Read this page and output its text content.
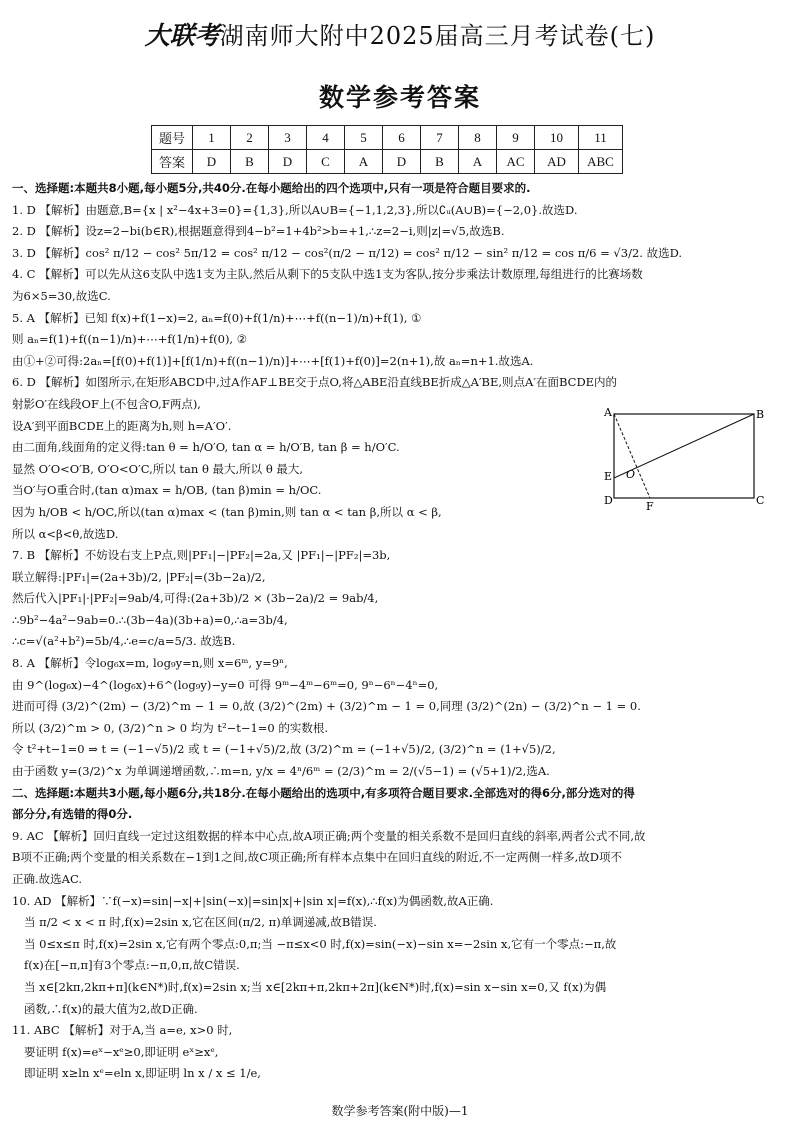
大联考湖南师大附中2025届高三月考试卷(七)
数学参考答案
题号	1	2	3	4	5	6	7	8	9	10	11
答案	D	B	D	C	A	D	B	A	AC	AD	ABC

一、选择题:本题共8小题,每小题5分,共40分.在每小题给出的四个选项中,只有一项是符合题目要求的.

1. D 【解析】由题意,B={x | x²−4x+3=0}={1,3},所以A∪B={−1,1,2,3},所以∁ᵤ(A∪B)={−2,0}.故选D.

2. D 【解析】设z=2−bi(b∈R),根据题意得到4−b²=1+4b²>b=+1,∴z=2−i,则|z|=√5,故选B.

3. D 【解析】cos² π/12 − cos² 5π/12 = cos² π/12 − cos²(π/2 − π/12) = cos² π/12 − sin² π/12 = cos π/6 = √3/2. 故选D.

4. C 【解析】可以先从这6支队中选1支为主队,然后从剩下的5支队中选1支为客队,按分步乘法计数原理,每组进行的比赛场数

为6×5=30,故选C.

5. A 【解析】已知 f(x)+f(1−x)=2, aₙ=f(0)+f(1/n)+⋯+f((n−1)/n)+f(1), ①

则 aₙ=f(1)+f((n−1)/n)+⋯+f(1/n)+f(0), ②

由①+②可得:2aₙ=[f(0)+f(1)]+[f(1/n)+f((n−1)/n)]+⋯+[f(1)+f(0)]=2(n+1),故 aₙ=n+1.故选A.

6. D 【解析】如图所示,在矩形ABCD中,过A作AF⊥BE交于点O,将△ABE沿直线BE折成△A′BE,则点A′在面BCDE内的

射影O′在线段OF上(不包含O,F两点),

设A′到平面BCDE上的距离为h,则 h=A′O′.

由二面角,线面角的定义得:tan θ = h/O′O, tan α = h/O′B, tan β = h/O′C.

显然 O′O<O′B, O′O<O′C,所以 tan θ 最大,所以 θ 最大,

当O′与O重合时,(tan α)max = h/OB, (tan β)min = h/OC.

因为 h/OB < h/OC,所以(tan α)max < (tan β)min,则 tan α < tan β,所以 α < β,

所以 α<β<θ,故选D.

7. B 【解析】不妨设右支上P点,则|PF₁|−|PF₂|=2a,又 |PF₁|−|PF₂|=3b,

联立解得:|PF₁|=(2a+3b)/2, |PF₂|=(3b−2a)/2,

然后代入|PF₁|·|PF₂|=9ab/4,可得:(2a+3b)/2 × (3b−2a)/2 = 9ab/4,

∴9b²−4a²−9ab=0.∴(3b−4a)(3b+a)=0,∴a=3b/4,

∴c=√(a²+b²)=5b/4,∴e=c/a=5/3. 故选B.

8. A 【解析】令log₆x=m, log₉y=n,则 x=6ᵐ, y=9ⁿ,

由 9^(log₆x)−4^(log₆x)+6^(log₉y)−y=0 可得 9ᵐ−4ᵐ−6ᵐ=0, 9ⁿ−6ⁿ−4ⁿ=0,

进而可得 (3/2)^(2m) − (3/2)^m − 1 = 0,故 (3/2)^(2m) + (3/2)^m − 1 = 0,同理 (3/2)^(2n) − (3/2)^n − 1 = 0.

所以 (3/2)^m > 0, (3/2)^n > 0 均为 t²−t−1=0 的实数根.

令 t²+t−1=0 ⇒ t = (−1−√5)/2 或 t = (−1+√5)/2,故 (3/2)^m = (−1+√5)/2, (3/2)^n = (1+√5)/2,

由于函数 y=(3/2)^x 为单调递增函数,∴m=n, y/x = 4ⁿ/6ᵐ = (2/3)^m = 2/(√5−1) = (√5+1)/2,选A.

二、选择题:本题共3小题,每小题6分,共18分.在每小题给出的选项中,有多项符合题目要求.全部选对的得6分,部分选对的得

部分分,有选错的得0分.

9. AC 【解析】回归直线一定过这组数据的样本中心点,故A项正确;两个变量的相关系数不是回归直线的斜率,两者公式不同,故

B项不正确;两个变量的相关系数在−1到1之间,故C项正确;所有样本点集中在回归直线的附近,不一定两侧一样多,故D项不

正确.故选AC.

10. AD 【解析】∵f(−x)=sin|−x|+|sin(−x)|=sin|x|+|sin x|=f(x),∴f(x)为偶函数,故A正确.

当 π/2 < x < π 时,f(x)=2sin x,它在区间(π/2, π)单调递减,故B错误.

当 0≤x≤π 时,f(x)=2sin x,它有两个零点:0,π;当 −π≤x<0 时,f(x)=sin(−x)−sin x=−2sin x,它有一个零点:−π,故

f(x)在[−π,π]有3个零点:−π,0,π,故C错误.

当 x∈[2kπ,2kπ+π](k∈N*)时,f(x)=2sin x;当 x∈[2kπ+π,2kπ+2π](k∈N*)时,f(x)=sin x−sin x=0,又 f(x)为偶

函数,∴f(x)的最大值为2,故D正确.

11. ABC 【解析】对于A,当 a=e, x>0 时,

要证明 f(x)=eˣ−xᵉ≥0,即证明 eˣ≥xᵉ,

即证明 x≥ln xᵉ=eln x,即证明 ln x / x ≤ 1/e,

A	B
C
D
E
F
O
数学参考答案(附中版)—1
